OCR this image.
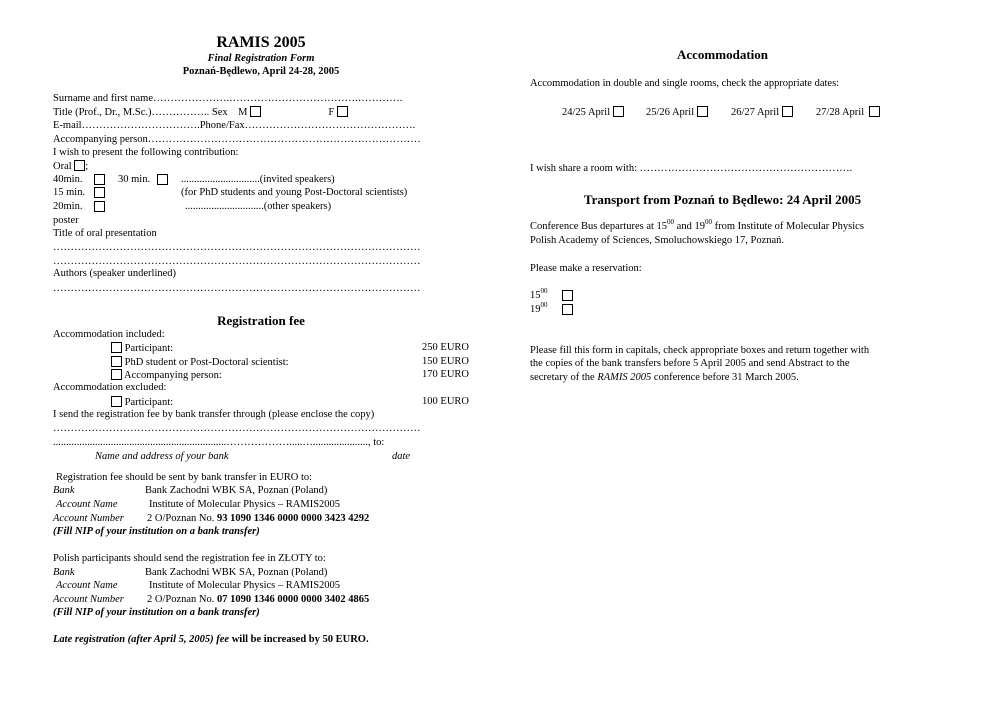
RAMIS 2005
Final Registration Form
Poznań-Będlewo, April 24-28, 2005
Surname and first name………………….……………………………….………….
Title (Prof., Dr., M.Sc.)…………….. Sex M	F
E-mail…………………………….Phone/Fax………………………………………….
Accompanying person……………………………………………………………………
I wish to present the following contribution:
Oral ;
40min.	30 min.	..............................(invited speakers)
15 min.	(for PhD students and young Post-Doctoral scientists)
20min.	..............................(other speakers)
poster
Title of oral presentation
……………………………………………………………………………………………
……………………………………………………………………………………………
Authors (speaker underlined)
……………………………………………………………………………………………
Registration fee
Accommodation included:
Participant:	250 EURO
PhD student or Post-Doctoral scientist:	150 EURO
Accompanying person:	170 EURO
Accommodation excluded:
Participant:	100 EURO
I send the registration fee by bank transfer through (please enclose the copy)
……………………………………………………………………………………………
..................................................................……………….....…....................., to:
Name and address of your bank	date
Registration fee should be sent by bank transfer in EURO to:
Bank	Bank Zachodni WBK SA, Poznan (Poland)
Account Name	Institute of Molecular Physics – RAMIS2005
Account Number 2 O/Poznan No. 93 1090 1346 0000 0000 3423 4292
(Fill NIP of your institution on a bank transfer)
Polish participants should send the registration fee in ZŁOTY to:
Bank	Bank Zachodni WBK SA, Poznan (Poland)
Account Name	Institute of Molecular Physics – RAMIS2005
Account Number 2 O/Poznan No. 07 1090 1346 0000 0000 3402 4865
(Fill NIP of your institution on a bank transfer)
Late registration (after April 5, 2005) fee will be increased by 50 EURO.
Accommodation
Accommodation in double and single rooms, check the appropriate dates:
24/25 April	25/26 April	26/27 April	27/28 April
I wish share a room with: …………………………………………………….
Transport from Poznań to Będlewo: 24 April 2005
Conference Bus departures at $15^{00}$ and $19^{00}$ from Institute of Molecular Physics
Polish Academy of Sciences, Smoluchowskiego 17, Poznań.
Please make a reservation:
$15^{00}$
$19^{00}$
Please fill this form in capitals, check appropriate boxes and return together with
the copies of the bank transfers before 5 April 2005 and send Abstract to the
secretary of the RAMIS 2005 conference before 31 March 2005.
